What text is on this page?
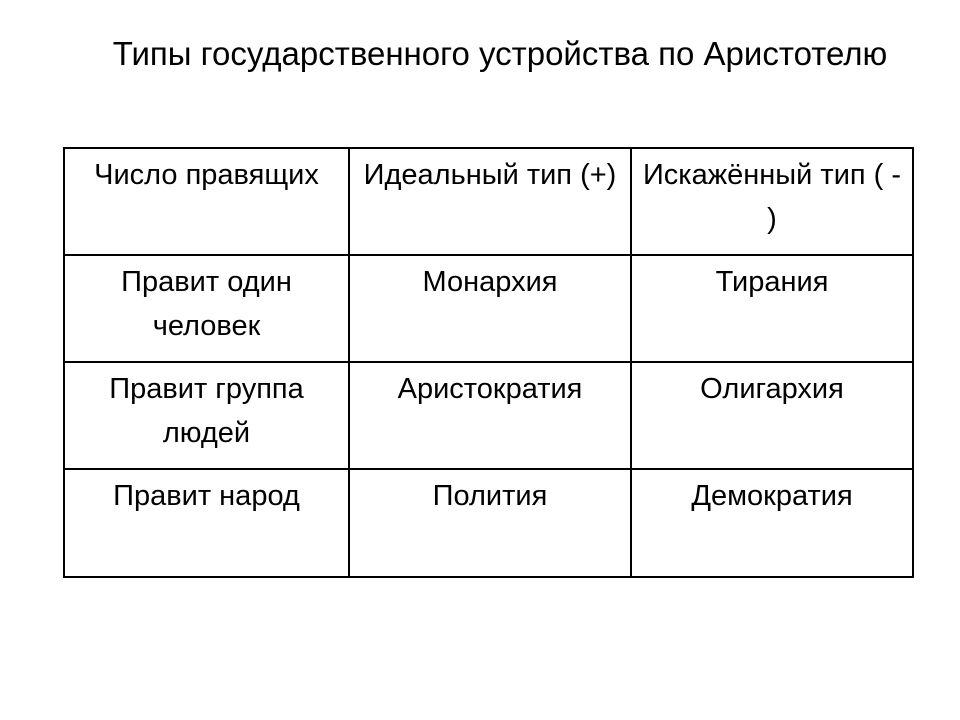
Типы государственного устройства по Аристотелю
Число правящих	Идеальный тип (+)	Искажённый тип ( - )

Правит один человек	Монархия	Тирания

Правит группа людей	Аристократия	Олигархия

Правит народ	Полития	Демократия
